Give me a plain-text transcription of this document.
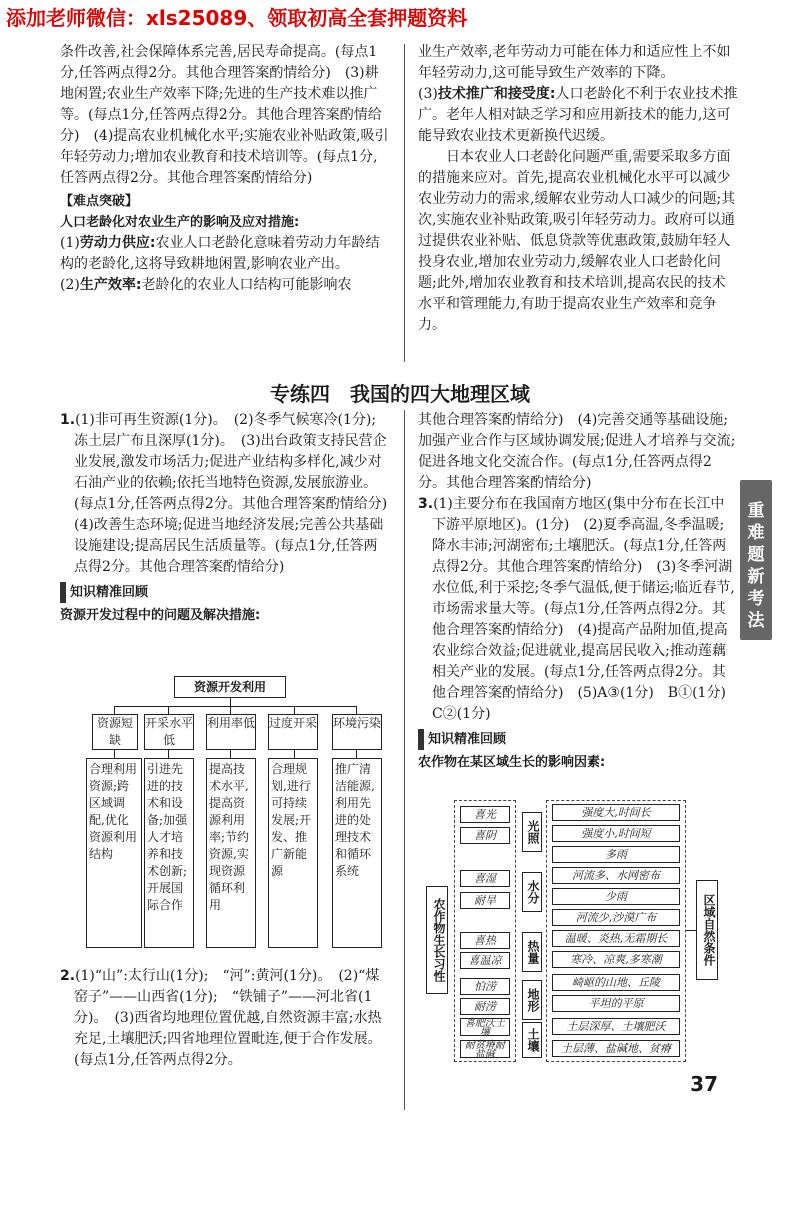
添加老师微信：xls25089、领取初高全套押题资料

条件改善,社会保障体系完善,居民寿命提高。(每点1分,任答两点得2分。其他合理答案酌情给分)　(3)耕地闲置;农业生产效率下降;先进的生产技术难以推广等。(每点1分,任答两点得2分。其他合理答案酌情给分)　(4)提高农业机械化水平;实施农业补贴政策,吸引年轻劳动力;增加农业教育和技术培训等。(每点1分,任答两点得2分。其他合理答案酌情给分)

【难点突破】

人口老龄化对农业生产的影响及应对措施:

(1)劳动力供应:农业人口老龄化意味着劳动力年龄结构的老龄化,这将导致耕地闲置,影响农业产出。

(2)生产效率:老龄化的农业人口结构可能影响农

业生产效率,老年劳动力可能在体力和适应性上不如年轻劳动力,这可能导致生产效率的下降。

(3)技术推广和接受度:人口老龄化不利于农业技术推广。老年人相对缺乏学习和应用新技术的能力,这可能导致农业技术更新换代迟缓。

日本农业人口老龄化问题严重,需要采取多方面的措施来应对。首先,提高农业机械化水平可以减少农业劳动力的需求,缓解农业劳动人口减少的问题;其次,实施农业补贴政策,吸引年轻劳动力。政府可以通过提供农业补贴、低息贷款等优惠政策,鼓励年轻人投身农业,增加农业劳动力,缓解农业人口老龄化问题;此外,增加农业教育和技术培训,提高农民的技术水平和管理能力,有助于提高农业生产效率和竞争力。

专练四　我国的四大地理区域

1.(1)非可再生资源(1分)。　(2)冬季气候寒冷(1分);冻土层广布且深厚(1分)。　(3)出台政策支持民营企业发展,激发市场活力;促进产业结构多样化,减少对石油产业的依赖;依托当地特色资源,发展旅游业。(每点1分,任答两点得2分。其他合理答案酌情给分)　(4)改善生态环境;促进当地经济发展;完善公共基础设施建设;提高居民生活质量等。(每点1分,任答两点得2分。其他合理答案酌情给分)

知识精准回顾

资源开发过程中的问题及解决措施:

资源开发利用
资源短缺
开采水平低
利用率低 过度开采 环境污染
合理利用资源;跨区域调配,优化资源利用结构
引进先进的技术和设备;加强人才培养和技术创新;开展国际合作
提高技术水平,提高资源利用率;节约资源,实现资源循环利用
合理规划,进行可持续发展;开发、推广新能源
推广清洁能源,利用先进的处理技术和循环系统

2.(1)“山”:太行山(1分);　“河”:黄河(1分)。　(2)“煤窑子”——山西省(1分);　“铁铺子”——河北省(1分)。　(3)西省均地理位置优越,自然资源丰富;水热充足,土壤肥沃;四省地理位置毗连,便于合作发展。(每点1分,任答两点得2分。

其他合理答案酌情给分)　(4)完善交通等基础设施;加强产业合作与区域协调发展;促进人才培养与交流;促进各地文化交流合作。(每点1分,任答两点得2分。其他合理答案酌情给分)

3.(1)主要分布在我国南方地区(集中分布在长江中下游平原地区)。(1分)　(2)夏季高温,冬季温暖;降水丰沛;河湖密布;土壤肥沃。(每点1分,任答两点得2分。其他合理答案酌情给分)　(3)冬季河湖水位低,利于采挖;冬季气温低,便于储运;临近春节,市场需求量大等。(每点1分,任答两点得2分。其他合理答案酌情给分)　(4)提高产品附加值,提高农业综合效益;促进就业,提高居民收入;推动莲藕相关产业的发展。(每点1分,任答两点得2分。其他合理答案酌情给分)　(5)A③(1分)　B①(1分)　C②(1分)

知识精准回顾

农作物在某区域生长的影响因素:

农作物生长习性
喜光
喜阴
喜湿
耐旱
喜热
喜温凉
怕涝
耐涝
喜肥沃土壤
耐贫瘠耐盐碱
光照
水分
热量
地形
土壤
强度大,时间长
强度小,时间短
多雨
河流多、水网密布
少雨
河流少,沙漠广布
温暖、炎热,无霜期长
寒冷、凉爽,多寒潮
崎岖的山地、丘陵
平坦的平原
土层深厚、土壤肥沃
土层薄、盐碱地、贫瘠
区域自然条件
重
难
题
新
考
法
37
